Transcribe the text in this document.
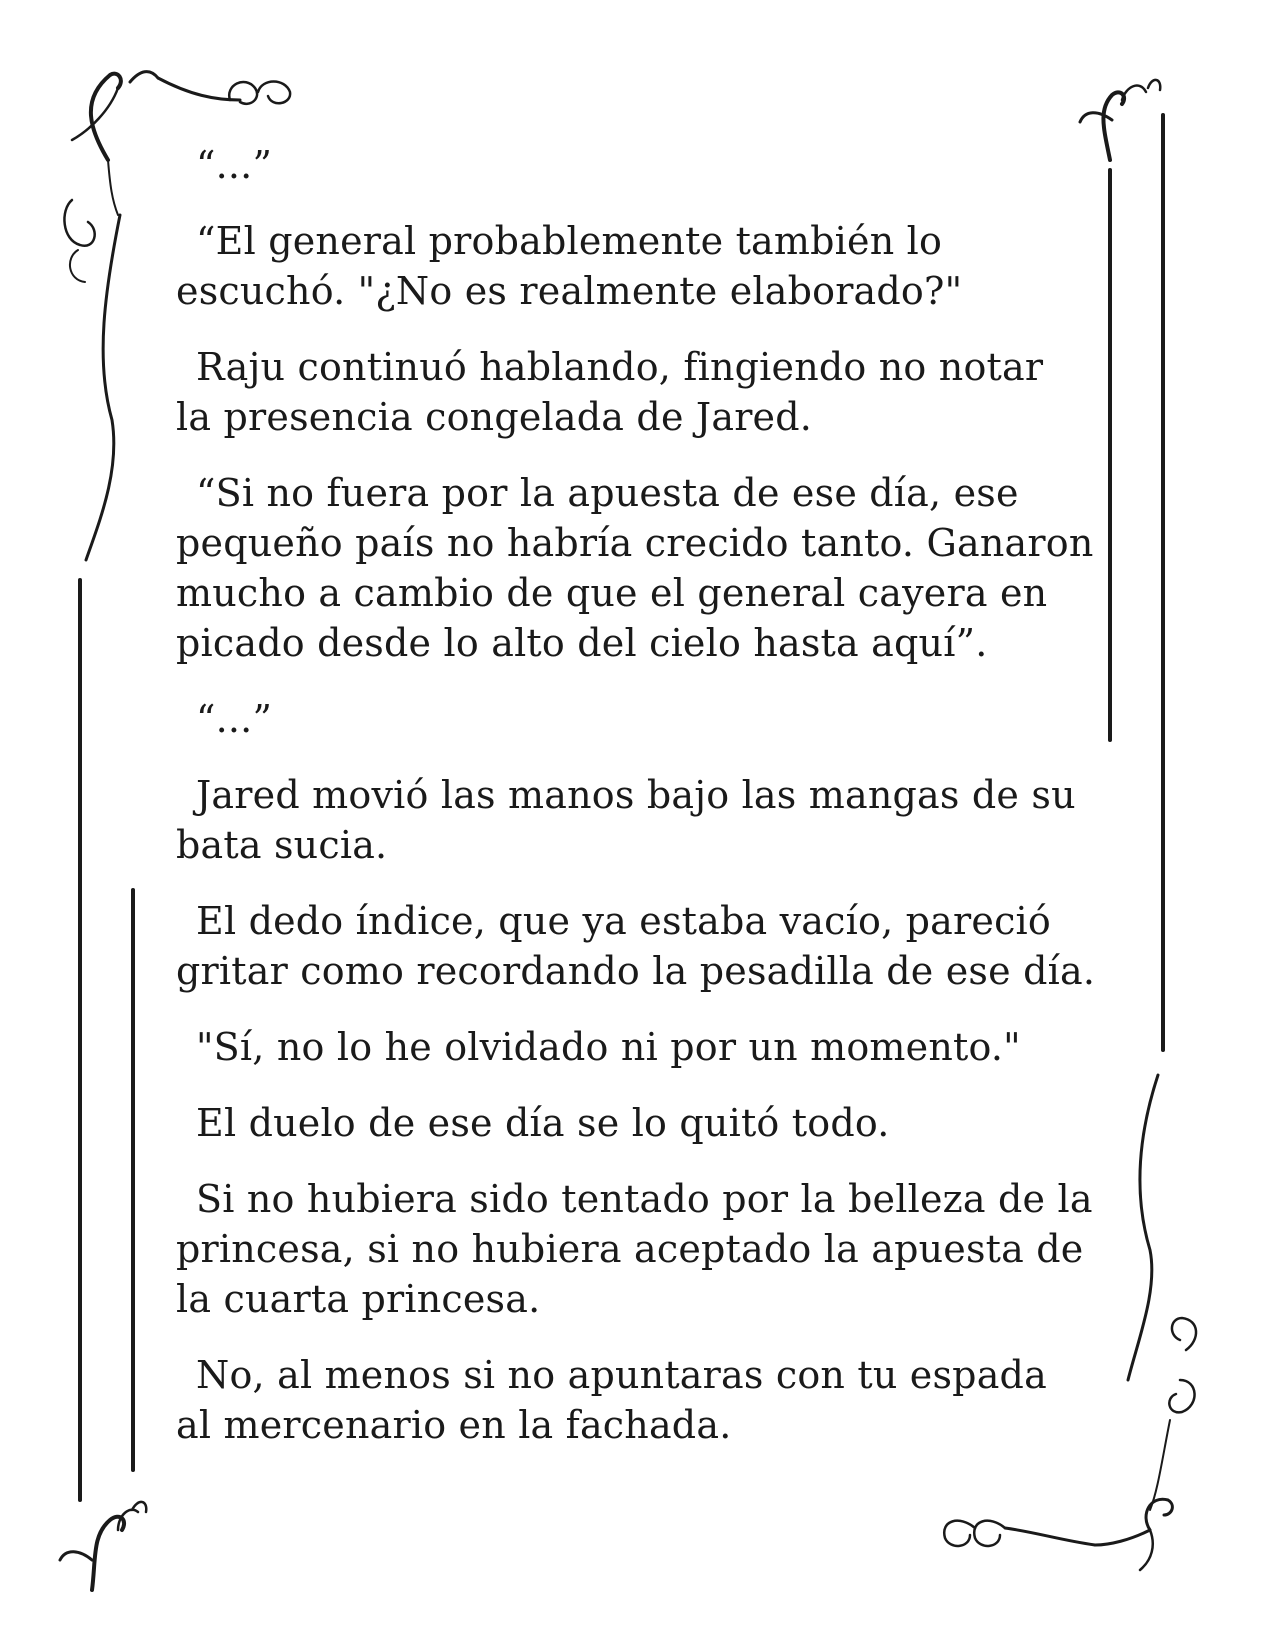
“...”

“El general probablemente también lo
escuchó. "¿No es realmente elaborado?"

Raju continuó hablando, fingiendo no notar
la presencia congelada de Jared.

“Si no fuera por la apuesta de ese día, ese
pequeño país no habría crecido tanto. Ganaron
mucho a cambio de que el general cayera en
picado desde lo alto del cielo hasta aquí”.

“...”

Jared movió las manos bajo las mangas de su
bata sucia.

El dedo índice, que ya estaba vacío, pareció
gritar como recordando la pesadilla de ese día.

"Sí, no lo he olvidado ni por un momento."

El duelo de ese día se lo quitó todo.

Si no hubiera sido tentado por la belleza de la
princesa, si no hubiera aceptado la apuesta de
la cuarta princesa.

No, al menos si no apuntaras con tu espada
al mercenario en la fachada.
